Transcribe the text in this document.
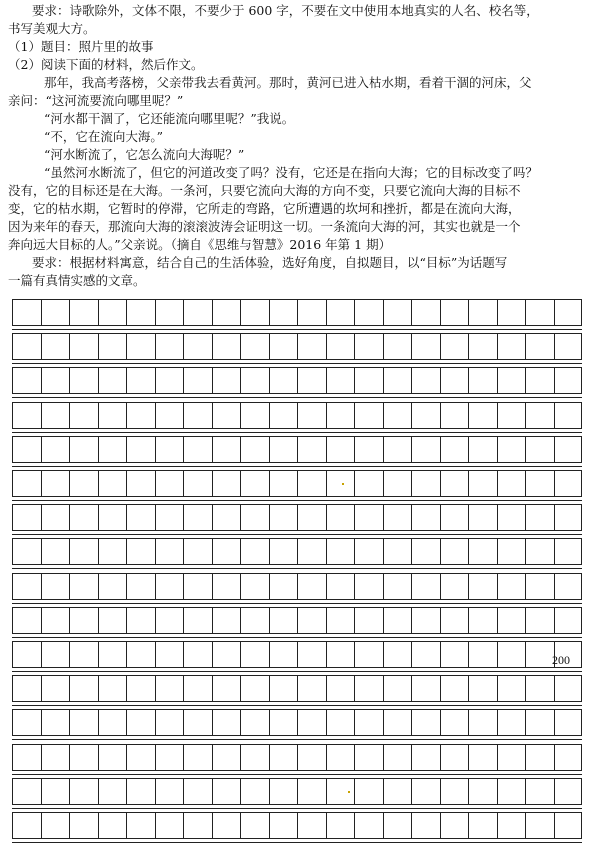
要求：诗歌除外，文体不限，不要少于 600 字，不要在文中使用本地真实的人名、校名等，
书写美观大方。
（1）题目：照片里的故事
（2）阅读下面的材料，然后作文。
那年，我高考落榜，父亲带我去看黄河。那时，黄河已进入枯水期，看着干涸的河床，父
亲问：“这河流要流向哪里呢？”
“河水都干涸了，它还能流向哪里呢？”我说。
“不，它在流向大海。”
“河水断流了，它怎么流向大海呢？”
“虽然河水断流了，但它的河道改变了吗？没有，它还是在指向大海；它的目标改变了吗？
没有，它的目标还是在大海。一条河，只要它流向大海的方向不变，只要它流向大海的目标不
变，它的枯水期，它暂时的停滞，它所走的弯路，它所遭遇的坎坷和挫折，都是在流向大海，
因为来年的春天，那流向大海的滚滚波涛会证明这一切。一条流向大海的河，其实也就是一个
奔向远大目标的人。”父亲说。（摘自《思维与智慧》2016 年第 1 期）
要求：根据材料寓意，结合自己的生活体验，选好角度，自拟题目，以“目标”为话题写
一篇有真情实感的文章。
200
